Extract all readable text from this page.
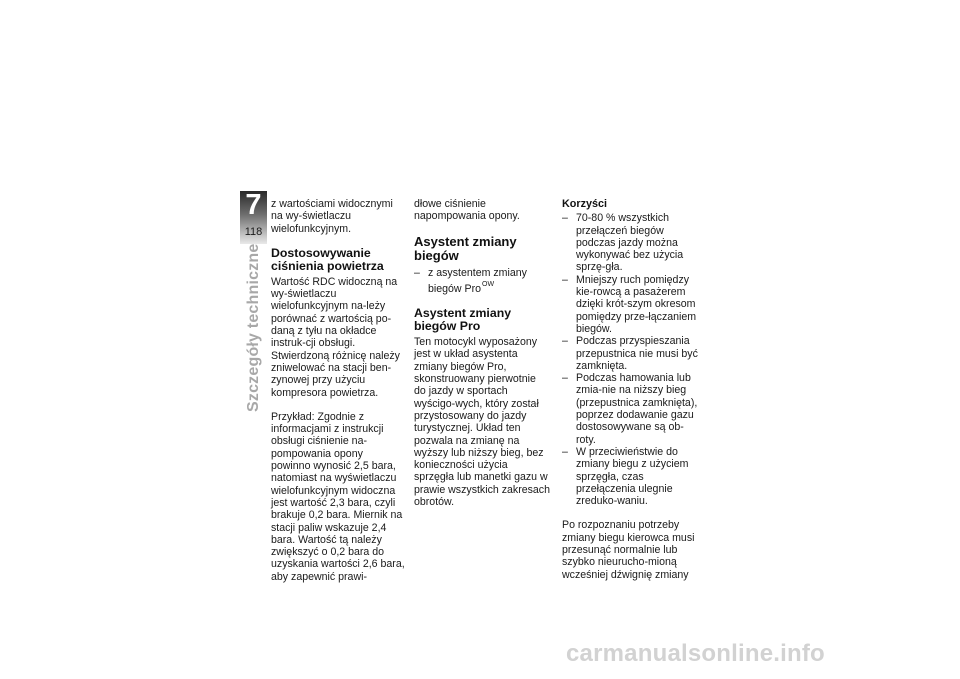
7
118
Szczegóły techniczne

z wartościami widocznymi na wy-świetlaczu wielofunkcyjnym.

Dostosowywanie ciśnienia powietrza

Wartość RDC widoczną na wy-świetlaczu wielofunkcyjnym na-leży porównać z wartością po-daną z tyłu na okładce instruk-cji obsługi. Stwierdzoną różnicę należy zniwelować na stacji ben-zynowej przy użyciu kompresora powietrza.

Przykład: Zgodnie z informacjami z instrukcji obsługi ciśnienie na-pompowania opony powinno wynosić 2,5 bara, natomiast na wyświetlaczu wielofunkcyjnym widoczna jest wartość 2,3 bara, czyli brakuje 0,2 bara. Miernik na stacji paliw wskazuje 2,4 bara. Wartość tą należy zwiększyć o 0,2 bara do uzyskania wartości 2,6 bara, aby zapewnić prawi-

dłowe ciśnienie napompowania opony.

Asystent zmiany biegów
– z asystentem zmiany biegów Pro$^{OW}$
Asystent zmiany biegów Pro

Ten motocykl wyposażony jest w układ asystenta zmiany biegów Pro, skonstruowany pierwotnie do jazdy w sportach wyścigo-wych, który został przystosowany do jazdy turystycznej. Układ ten pozwala na zmianę na wyższy lub niższy bieg, bez konieczności użycia sprzęgła lub manetki gazu w prawie wszystkich zakresach obrotów.

Korzyści
– 70-80 % wszystkich przełączeń biegów podczas jazdy można wykonywać bez użycia sprzę-gła.
– Mniejszy ruch pomiędzy kie-rowcą a pasażerem dzięki krót-szym okresom pomiędzy prze-łączaniem biegów.
– Podczas przyspieszania przepustnica nie musi być zamknięta.
– Podczas hamowania lub zmia-nie na niższy bieg (przepustnica zamknięta), poprzez dodawanie gazu dostosowywane są ob-roty.
– W przeciwieństwie do zmiany biegu z użyciem sprzęgła, czas przełączenia ulegnie zreduko-waniu.

Po rozpoznaniu potrzeby zmiany biegu kierowca musi przesunąć normalnie lub szybko nieurucho-mioną wcześniej dźwignię zmiany

carmanualsonline.info
